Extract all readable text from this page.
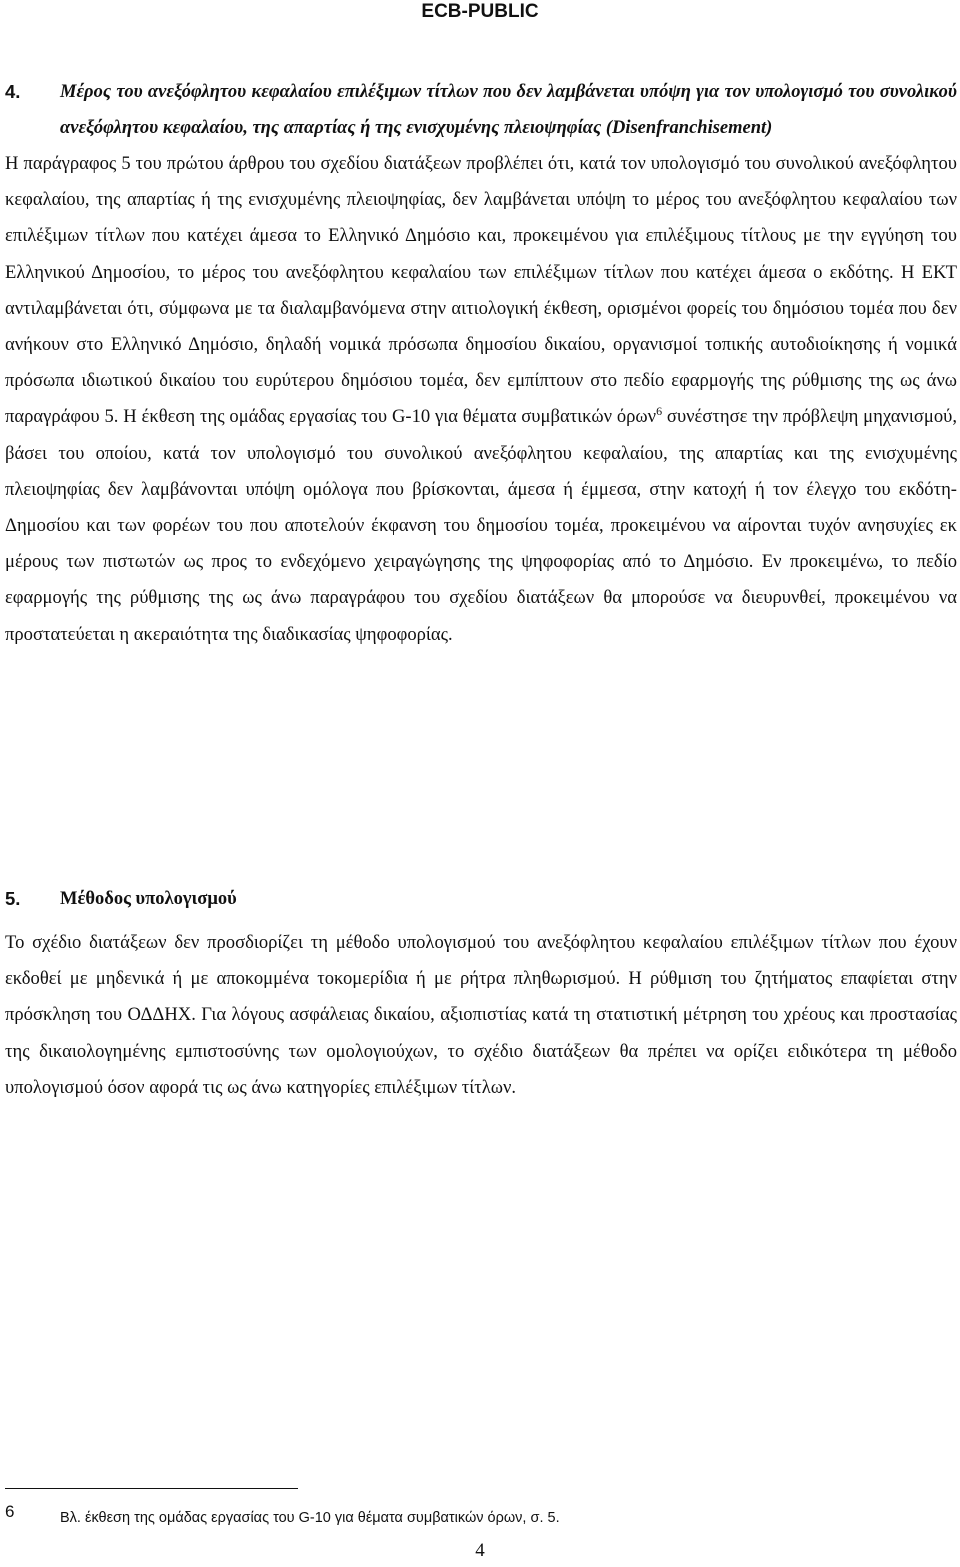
ECB-PUBLIC
4.	Μέρος του ανεξόφλητου κεφαλαίου επιλέξιμων τίτλων που δεν λαμβάνεται υπόψη για τον υπολογισμό του συνολικού ανεξόφλητου κεφαλαίου, της απαρτίας ή της ενισχυμένης πλειοψηφίας (Disenfranchisement)

Η παράγραφος 5 του πρώτου άρθρου του σχεδίου διατάξεων προβλέπει ότι, κατά τον υπολογισμό του συνολικού ανεξόφλητου κεφαλαίου, της απαρτίας ή της ενισχυμένης πλειοψηφίας, δεν λαμβάνεται υπόψη το μέρος του ανεξόφλητου κεφαλαίου των επιλέξιμων τίτλων που κατέχει άμεσα το Ελληνικό Δημόσιο και, προκειμένου για επιλέξιμους τίτλους με την εγγύηση του Ελληνικού Δημοσίου, το μέρος του ανεξόφλητου κεφαλαίου των επιλέξιμων τίτλων που κατέχει άμεσα ο εκδότης. Η ΕΚΤ αντιλαμβάνεται ότι, σύμφωνα με τα διαλαμβανόμενα στην αιτιολογική έκθεση, ορισμένοι φορείς του δημόσιου τομέα που δεν ανήκουν στο Ελληνικό Δημόσιο, δηλαδή νομικά πρόσωπα δημοσίου δικαίου, οργανισμοί τοπικής αυτοδιοίκησης ή νομικά πρόσωπα ιδιωτικού δικαίου του ευρύτερου δημόσιου τομέα, δεν εμπίπτουν στο πεδίο εφαρμογής της ρύθμισης της ως άνω παραγράφου 5. Η έκθεση της ομάδας εργασίας του G-10 για θέματα συμβατικών όρων$^6$ συνέστησε την πρόβλεψη μηχανισμού, βάσει του οποίου, κατά τον υπολογισμό του συνολικού ανεξόφλητου κεφαλαίου, της απαρτίας και της ενισχυμένης πλειοψηφίας δεν λαμβάνονται υπόψη ομόλογα που βρίσκονται, άμεσα ή έμμεσα, στην κατοχή ή τον έλεγχο του εκδότη-Δημοσίου και των φορέων του που αποτελούν έκφανση του δημοσίου τομέα, προκειμένου να αίρονται τυχόν ανησυχίες εκ μέρους των πιστωτών ως προς το ενδεχόμενο χειραγώγησης της ψηφοφορίας από το Δημόσιο. Εν προκειμένω, το πεδίο εφαρμογής της ρύθμισης της ως άνω παραγράφου του σχεδίου διατάξεων θα μπορούσε να διευρυνθεί, προκειμένου να προστατεύεται η ακεραιότητα της διαδικασίας ψηφοφορίας.

5.	Μέθοδος υπολογισμού

Το σχέδιο διατάξεων δεν προσδιορίζει τη μέθοδο υπολογισμού του ανεξόφλητου κεφαλαίου επιλέξιμων τίτλων που έχουν εκδοθεί με μηδενικά ή με αποκομμένα τοκομερίδια ή με ρήτρα πληθωρισμού. Η ρύθμιση του ζητήματος επαφίεται στην πρόσκληση του ΟΔΔΗΧ. Για λόγους ασφάλειας δικαίου, αξιοπιστίας κατά τη στατιστική μέτρηση του χρέους και προστασίας της δικαιολογημένης εμπιστοσύνης των ομολογιούχων, το σχέδιο διατάξεων θα πρέπει να ορίζει ειδικότερα τη μέθοδο υπολογισμού όσον αφορά τις ως άνω κατηγορίες επιλέξιμων τίτλων.

6	Βλ. έκθεση της ομάδας εργασίας του G-10 για θέματα συμβατικών όρων, σ. 5.
4
